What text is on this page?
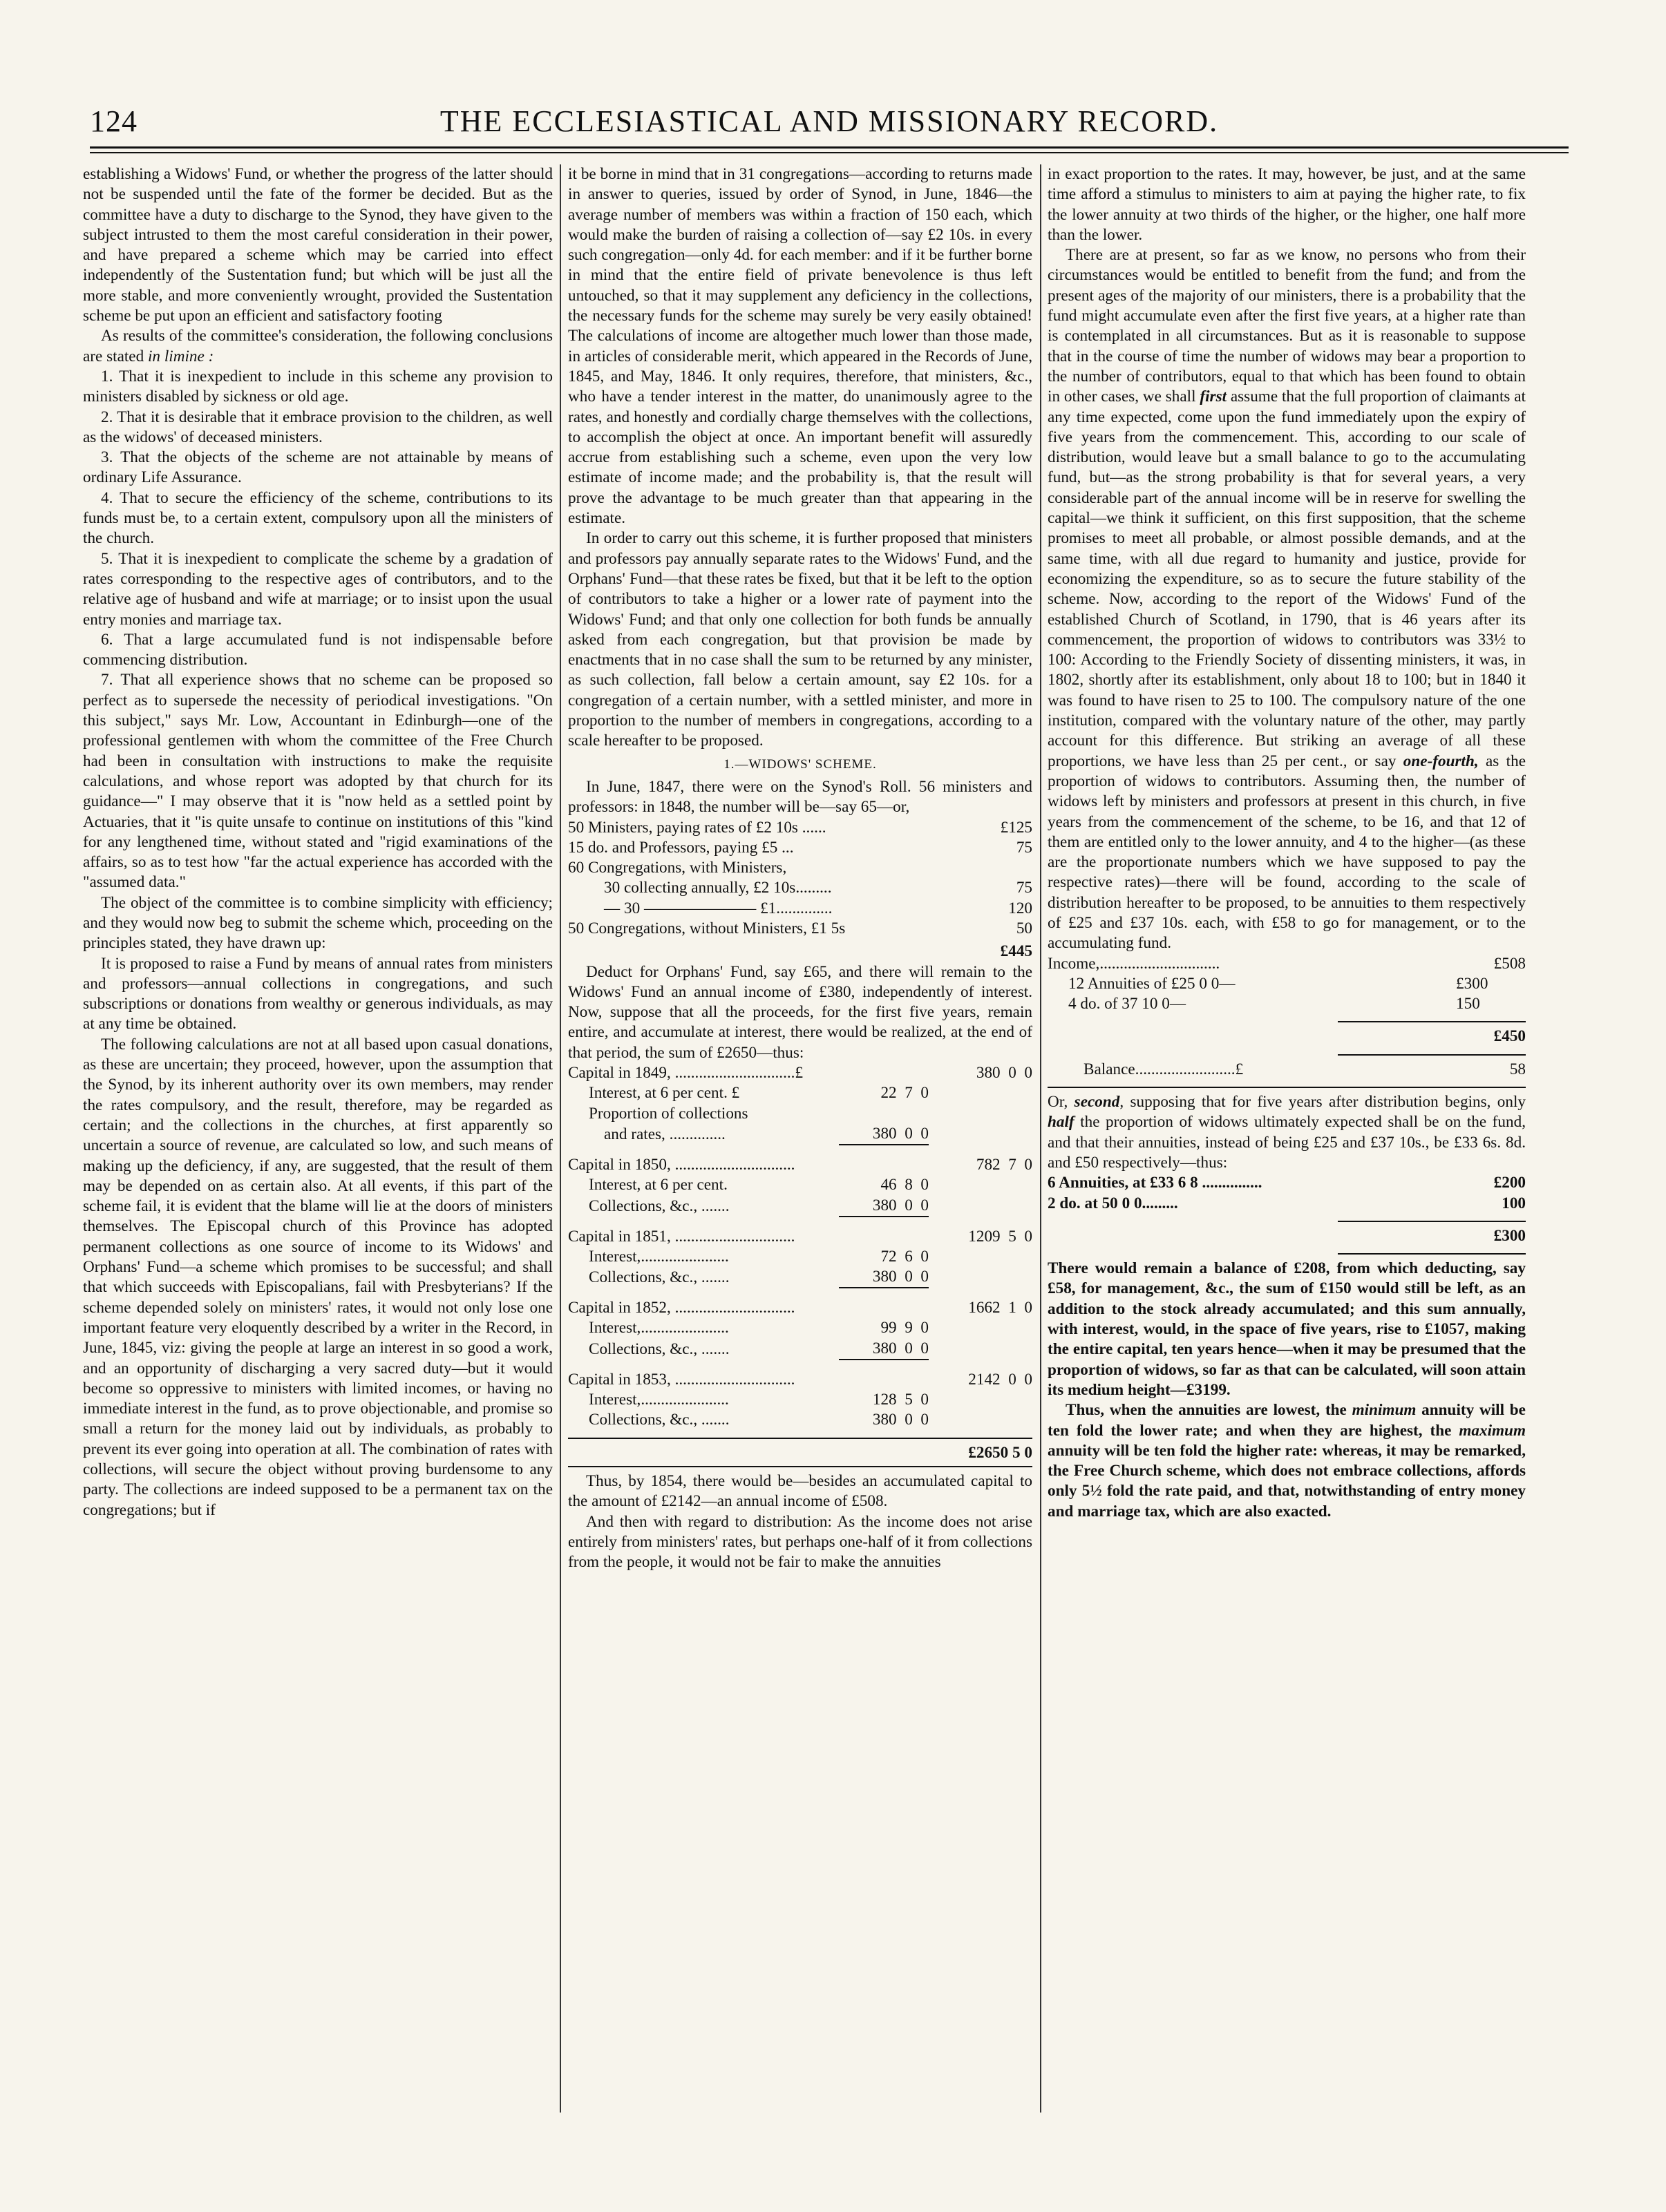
124	THE ECCLESIASTICAL AND MISSIONARY RECORD.

establishing a Widows' Fund, or whether the progress of the latter should not be suspended until the fate of the former be decided. But as the committee have a duty to discharge to the Synod, they have given to the subject intrusted to them the most careful consideration in their power, and have prepared a scheme which may be carried into effect independently of the Sustentation fund; but which will be just all the more stable, and more conveniently wrought, provided the Sustentation scheme be put upon an efficient and satisfactory footing

As results of the committee's consideration, the following conclusions are stated in limine :

1. That it is inexpedient to include in this scheme any provision to ministers disabled by sickness or old age.

2. That it is desirable that it embrace provision to the children, as well as the widows' of deceased ministers.

3. That the objects of the scheme are not attainable by means of ordinary Life Assurance.

4. That to secure the efficiency of the scheme, contributions to its funds must be, to a certain extent, compulsory upon all the ministers of the church.

5. That it is inexpedient to complicate the scheme by a gradation of rates corresponding to the respective ages of contributors, and to the relative age of husband and wife at marriage; or to insist upon the usual entry monies and marriage tax.

6. That a large accumulated fund is not indispensable before commencing distribution.

7. That all experience shows that no scheme can be proposed so perfect as to supersede the necessity of periodical investigations. "On this subject," says Mr. Low, Accountant in Edinburgh—one of the professional gentlemen with whom the committee of the Free Church had been in consultation with instructions to make the requisite calculations, and whose report was adopted by that church for its guidance—" I may observe that it is "now held as a settled point by Actuaries, that it "is quite unsafe to continue on institutions of this "kind for any lengthened time, without stated and "rigid examinations of the affairs, so as to test how "far the actual experience has accorded with the "assumed data."

The object of the committee is to combine simplicity with efficiency; and they would now beg to submit the scheme which, proceeding on the principles stated, they have drawn up:

It is proposed to raise a Fund by means of annual rates from ministers and professors—annual collections in congregations, and such subscriptions or donations from wealthy or generous individuals, as may at any time be obtained.

The following calculations are not at all based upon casual donations, as these are uncertain; they proceed, however, upon the assumption that the Synod, by its inherent authority over its own members, may render the rates compulsory, and the result, therefore, may be regarded as certain; and the collections in the churches, at first apparently so uncertain a source of revenue, are calculated so low, and such means of making up the deficiency, if any, are suggested, that the result of them may be depended on as certain also. At all events, if this part of the scheme fail, it is evident that the blame will lie at the doors of ministers themselves. The Episcopal church of this Province has adopted permanent collections as one source of income to its Widows' and Orphans' Fund—a scheme which promises to be successful; and shall that which succeeds with Episcopalians, fail with Presbyterians? If the scheme depended solely on ministers' rates, it would not only lose one important feature very eloquently described by a writer in the Record, in June, 1845, viz: giving the people at large an interest in so good a work, and an opportunity of discharging a very sacred duty—but it would become so oppressive to ministers with limited incomes, or having no immediate interest in the fund, as to prove objectionable, and promise so small a return for the money laid out by individuals, as probably to prevent its ever going into operation at all. The combination of rates with collections, will secure the object without proving burdensome to any party. The collections are indeed supposed to be a permanent tax on the congregations; but if

it be borne in mind that in 31 congregations—according to returns made in answer to queries, issued by order of Synod, in June, 1846—the average number of members was within a fraction of 150 each, which would make the burden of raising a collection of—say £2 10s. in every such congregation—only 4d. for each member: and if it be further borne in mind that the entire field of private benevolence is thus left untouched, so that it may supplement any deficiency in the collections, the necessary funds for the scheme may surely be very easily obtained! The calculations of income are altogether much lower than those made, in articles of considerable merit, which appeared in the Records of June, 1845, and May, 1846. It only requires, therefore, that ministers, &c., who have a tender interest in the matter, do unanimously agree to the rates, and honestly and cordially charge themselves with the collections, to accomplish the object at once. An important benefit will assuredly accrue from establishing such a scheme, even upon the very low estimate of income made; and the probability is, that the result will prove the advantage to be much greater than that appearing in the estimate.

In order to carry out this scheme, it is further proposed that ministers and professors pay annually separate rates to the Widows' Fund, and the Orphans' Fund—that these rates be fixed, but that it be left to the option of contributors to take a higher or a lower rate of payment into the Widows' Fund; and that only one collection for both funds be annually asked from each congregation, but that provision be made by enactments that in no case shall the sum to be returned by any minister, as such collection, fall below a certain amount, say £2 10s. for a congregation of a certain number, with a settled minister, and more in proportion to the number of members in congregations, according to a scale hereafter to be proposed.

1.—WIDOWS' SCHEME.

In June, 1847, there were on the Synod's Roll. 56 ministers and professors: in 1848, the number will be—say 65—or,

50 Ministers, paying rates of £2 10s ......	£125
15 do. and Professors, paying £5 ...	75
60 Congregations, with Ministers,	
30 collecting annually, £2 10s.........	75
— 30 ——————— £1..............	120
50 Congregations, without Ministers, £1 5s	50
£445

Deduct for Orphans' Fund, say £65, and there will remain to the Widows' Fund an annual income of £380, independently of interest. Now, suppose that all the proceeds, for the first five years, remain entire, and accumulate at interest, there would be realized, at the end of that period, the sum of £2650—thus:

Capital in 1849, ..............................£		380  0  0
Interest, at 6 per cent. £	22  7  0	
Proportion of collections		
and rates, ..............	380  0  0	
Capital in 1850, ..............................		782  7  0
Interest, at 6 per cent.	46  8  0	
Collections, &c., .......	380  0  0	
Capital in 1851, ..............................		1209  5  0
Interest,......................	72  6  0	
Collections, &c., .......	380  0  0	
Capital in 1852, ..............................		1662  1  0
Interest,......................	99  9  0	
Collections, &c., .......	380  0  0	
Capital in 1853, ..............................		2142  0  0
Interest,......................	128  5  0	
Collections, &c., .......	380  0  0	
£2650 5 0

Thus, by 1854, there would be—besides an accumulated capital to the amount of £2142—an annual income of £508.

And then with regard to distribution: As the income does not arise entirely from ministers' rates, but perhaps one-half of it from collections from the people, it would not be fair to make the annuities

in exact proportion to the rates. It may, however, be just, and at the same time afford a stimulus to ministers to aim at paying the higher rate, to fix the lower annuity at two thirds of the higher, or the higher, one half more than the lower.

There are at present, so far as we know, no persons who from their circumstances would be entitled to benefit from the fund; and from the present ages of the majority of our ministers, there is a probability that the fund might accumulate even after the first five years, at a higher rate than is contemplated in all circumstances. But as it is reasonable to suppose that in the course of time the number of widows may bear a proportion to the number of contributors, equal to that which has been found to obtain in other cases, we shall first assume that the full proportion of claimants at any time expected, come upon the fund immediately upon the expiry of five years from the commencement. This, according to our scale of distribution, would leave but a small balance to go to the accumulating fund, but—as the strong probability is that for several years, a very considerable part of the annual income will be in reserve for swelling the capital—we think it sufficient, on this first supposition, that the scheme promises to meet all probable, or almost possible demands, and at the same time, with all due regard to humanity and justice, provide for economizing the expenditure, so as to secure the future stability of the scheme. Now, according to the report of the Widows' Fund of the established Church of Scotland, in 1790, that is 46 years after its commencement, the proportion of widows to contributors was 33½ to 100: According to the Friendly Society of dissenting ministers, it was, in 1802, shortly after its establishment, only about 18 to 100; but in 1840 it was found to have risen to 25 to 100. The compulsory nature of the one institution, compared with the voluntary nature of the other, may partly account for this difference. But striking an average of all these proportions, we have less than 25 per cent., or say one-fourth, as the proportion of widows to contributors. Assuming then, the number of widows left by ministers and professors at present in this church, in five years from the commencement of the scheme, to be 16, and that 12 of them are entitled only to the lower annuity, and 4 to the higher—(as these are the proportionate numbers which we have supposed to pay the respective rates)—there will be found, according to the scale of distribution hereafter to be proposed, to be annuities to them respectively of £25 and £37 10s. each, with £58 to go for management, or to the accumulating fund.

Income,..............................	£508
12 Annuities of £25 0 0—	£300
4 do. of 37 10 0—	150
£450
Balance.........................£	58

Or, second, supposing that for five years after distribution begins, only half the proportion of widows ultimately expected shall be on the fund, and that their annuities, instead of being £25 and £37 10s., be £33 6s. 8d. and £50 respectively—thus:

6 Annuities, at £33 6 8 ...............	£200
2 do. at 50 0 0.........	100
£300

There would remain a balance of £208, from which deducting, say £58, for management, &c., the sum of £150 would still be left, as an addition to the stock already accumulated; and this sum annually, with interest, would, in the space of five years, rise to £1057, making the entire capital, ten years hence—when it may be presumed that the proportion of widows, so far as that can be calculated, will soon attain its medium height—£3199.

Thus, when the annuities are lowest, the minimum annuity will be ten fold the lower rate; and when they are highest, the maximum annuity will be ten fold the higher rate: whereas, it may be remarked, the Free Church scheme, which does not embrace collections, affords only 5½ fold the rate paid, and that, notwithstanding of entry money and marriage tax, which are also exacted.
